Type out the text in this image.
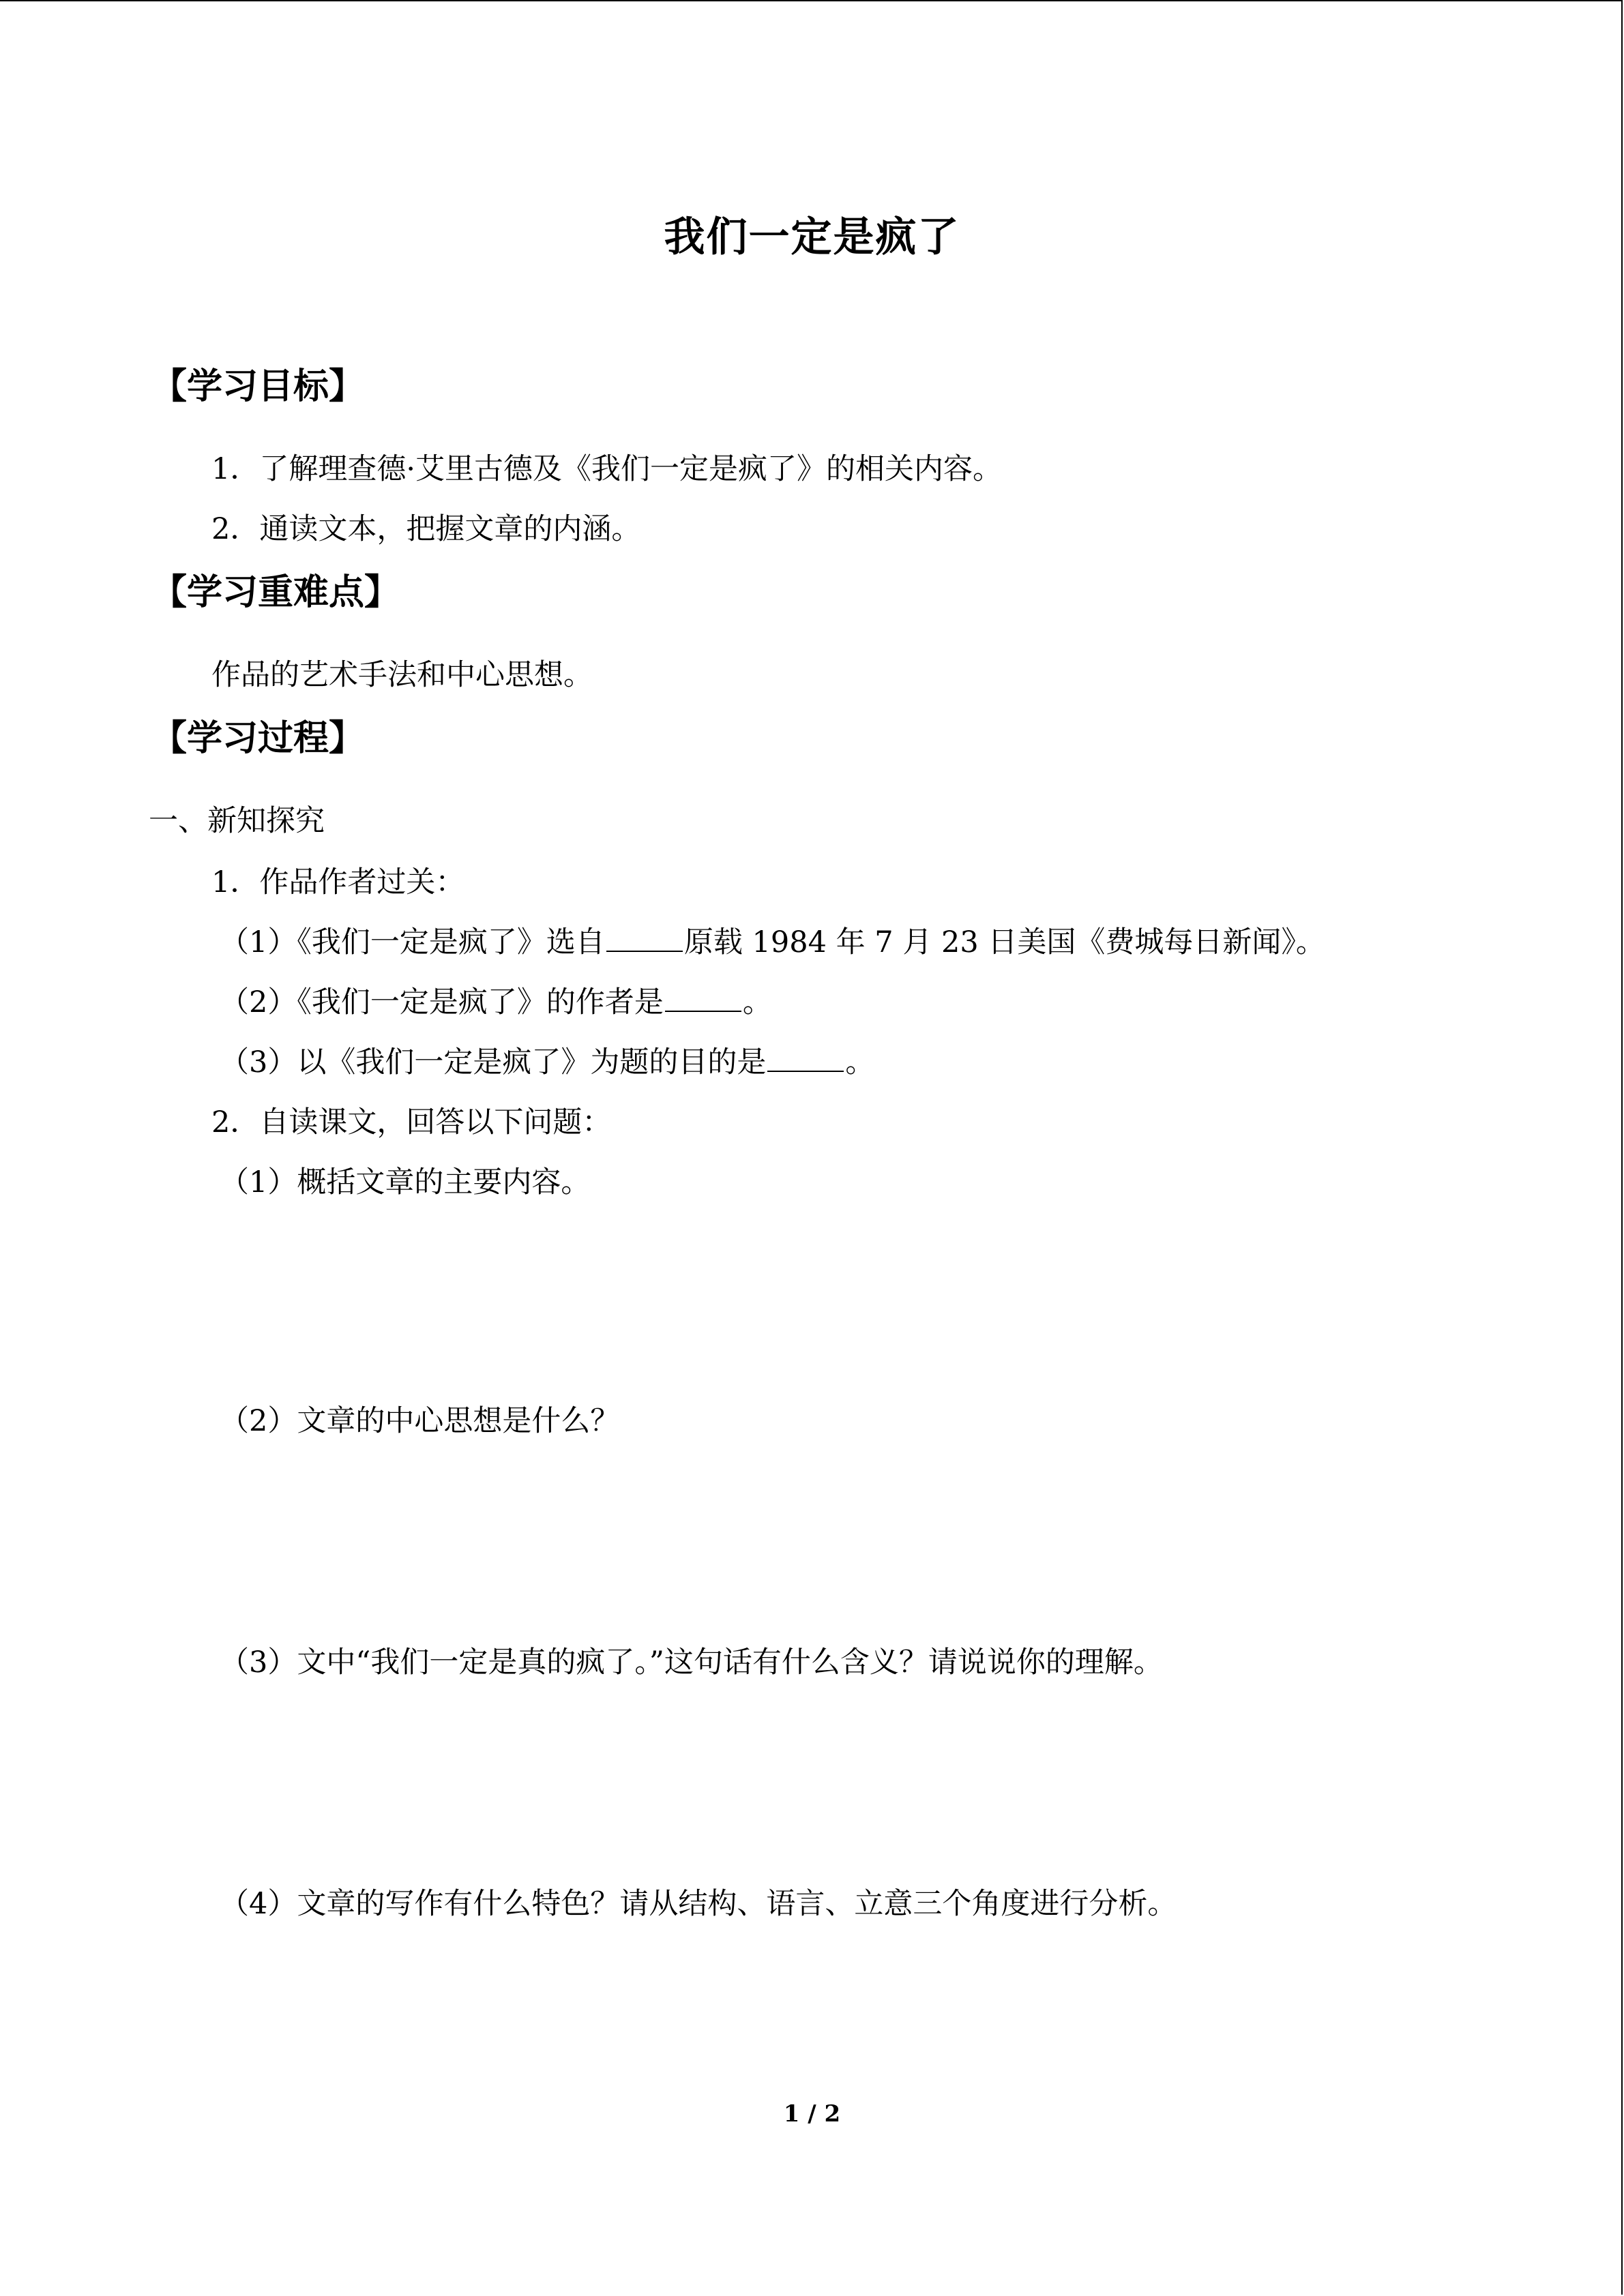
我们一定是疯了
【学习目标】
1．了解理查德·艾里古德及《我们一定是疯了》的相关内容。
2．通读文本，把握文章的内涵。
【学习重难点】
作品的艺术手法和中心思想。
【学习过程】
一、新知探究
1．作品作者过关：
（1）《我们一定是疯了》选自	原载 1984 年 7 月 23 日美国《费城每日新闻》。
（2）《我们一定是疯了》的作者是	。
（3）以《我们一定是疯了》为题的目的是	。
2．自读课文，回答以下问题：
（1）概括文章的主要内容。
（2）文章的中心思想是什么？
（3）文中“我们一定是真的疯了。”这句话有什么含义？请说说你的理解。
（4）文章的写作有什么特色？请从结构、语言、立意三个角度进行分析。
1 / 2
